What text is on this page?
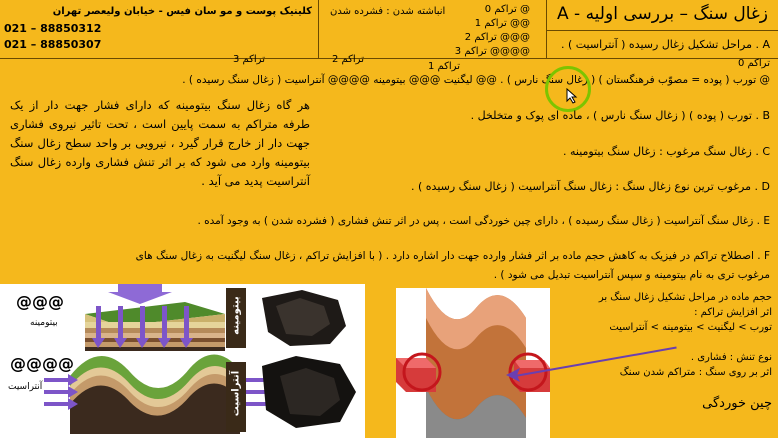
کلینیک پوست و مو سان فیس - خیابان ولیعصر تهران
021 – 88850312
021 – 88850307
انباشته شدن : فشرده شدن	زغال سنگ – بررسی اولیه - A
@ تراکم 0
@@ تراکم 1
@@@ تراکم 2
@@@@ تراکم 3
A . مراحل تشکیل زغال رسیده ( آنتراسیت ) .
تراکم 0
تراکم 1
تراکم 2
تراکم 3
@ تورب ( پوده = مصوّب فرهنگستان ) ( زغال سنگ نارس ) . @@ لیگنیت @@@ بیتومینه @@@@ آنتراسیت ( زغال سنگ رسیده ) .
هر گاه زغال سنگ بیتومینه که دارای فشار جهت دار از یک طرفه متراکم به سمت پایین است ، تحت تاثیر نیروی فشاری جهت دار از خارج قرار گیرد ، نیرویی بر واحد سطح زغال سنگ بیتومینه وارد می شود که بر اثر تنش فشاری وارده زغال سنگ آنتراسیت پدید می آید .
B . تورب ( پوده ) ( زغال سنگ نارس ) ، ماده ای پوک و متخلخل .
C . زغال سنگ مرغوب : زغال سنگ بیتومینه .
D . مرغوب ترین نوع زغال سنگ : زغال سنگ آنتراسیت ( زغال سنگ رسیده ) .
E . زغال سنگ آنتراسیت ( زغال سنگ رسیده ) ، دارای چین خوردگی است ، پس در اثر تنش فشاری ( فشرده شدن ) به وجود آمده .
F . اصطلاح تراکم در فیزیک به کاهش حجم ماده بر اثر فشار وارده جهت دار اشاره دارد . ( با افزایش تراکم ، زغال سنگ لیگنیت به زغال سنگ های
مرغوب تری به نام بیتومینه و سپس آنتراسیت تبدیل می شود ) .
@@@
بیتومینه
@@@@
آنتراسیت
بیتومینه
آنتراسیت
حجم ماده در مراحل تشکیل زغال سنگ بر
اثر افزایش تراکم :
تورب > لیگنیت > بیتومینه > آنتراسیت
نوع تنش : فشاری .
اثر بر روی سنگ : متراکم شدن سنگ
چین خوردگی
